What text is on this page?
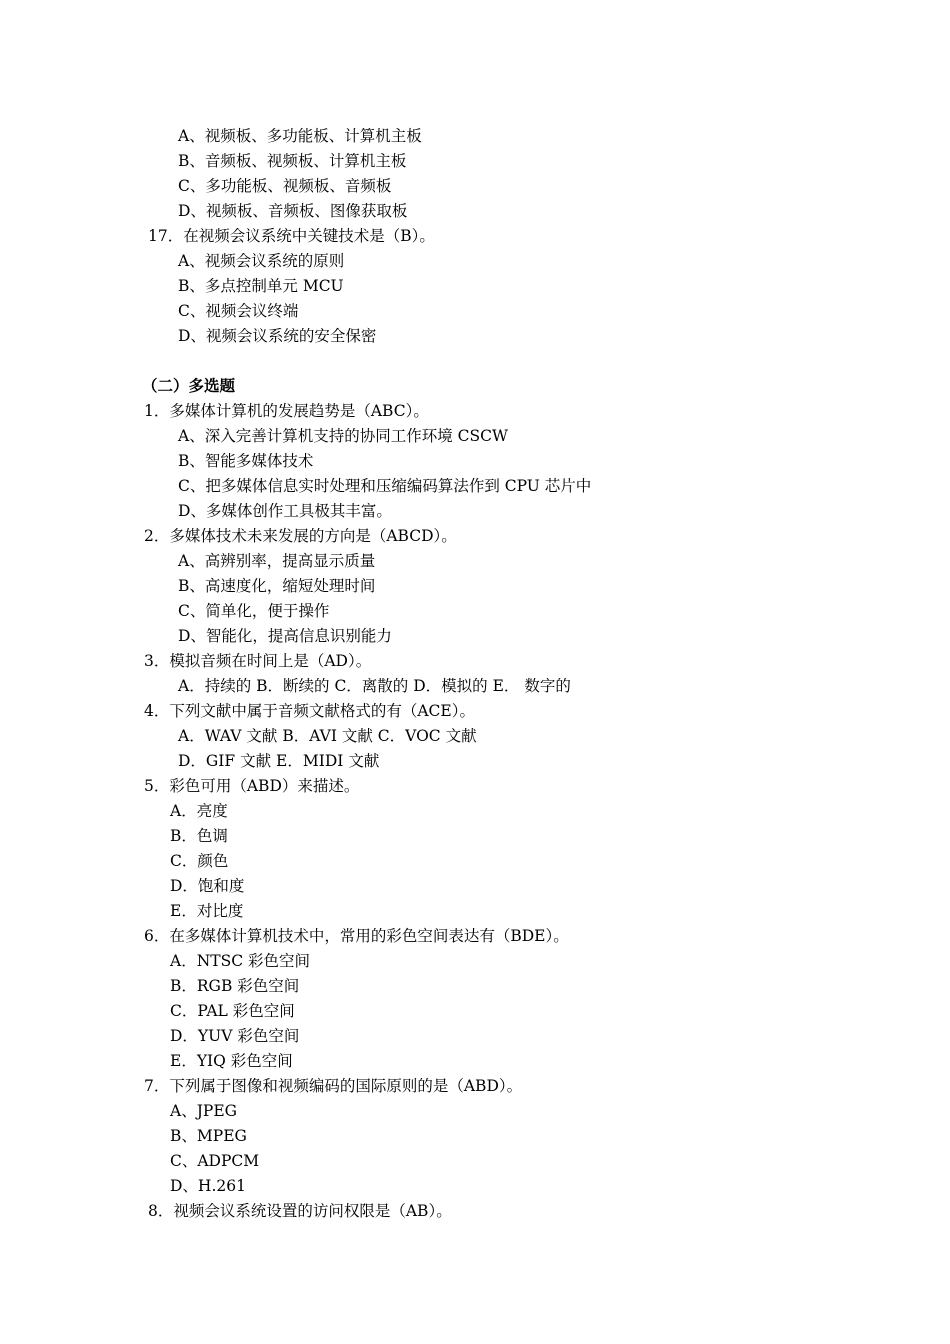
A、视频板、多功能板、计算机主板
B、音频板、视频板、计算机主板
C、多功能板、视频板、音频板
D、视频板、音频板、图像获取板
17．在视频会议系统中关键技术是（B）。
A、视频会议系统的原则
B、多点控制单元 MCU
C、视频会议终端
D、视频会议系统的安全保密
（二）多选题
1．多媒体计算机的发展趋势是（ABC）。
A、深入完善计算机支持的协同工作环境 CSCW
B、智能多媒体技术
C、把多媒体信息实时处理和压缩编码算法作到 CPU 芯片中
D、多媒体创作工具极其丰富。
2．多媒体技术未来发展的方向是（ABCD）。
A、高辨别率，提高显示质量
B、高速度化，缩短处理时间
C、简单化，便于操作
D、智能化，提高信息识别能力
3．模拟音频在时间上是（AD）。
A．持续的 B．断续的 C．离散的 D．模拟的 E． 数字的
4．下列文献中属于音频文献格式的有（ACE）。
A．WAV 文献 B．AVI 文献 C．VOC 文献
D．GIF 文献 E．MIDI 文献
5．彩色可用（ABD）来描述。
A．亮度
B．色调
C．颜色
D．饱和度
E．对比度
6．在多媒体计算机技术中，常用的彩色空间表达有（BDE）。
A．NTSC 彩色空间
B．RGB 彩色空间
C．PAL 彩色空间
D．YUV 彩色空间
E．YIQ 彩色空间
7．下列属于图像和视频编码的国际原则的是（ABD）。
A、JPEG
B、MPEG
C、ADPCM
D、H.261
8．视频会议系统设置的访问权限是（AB）。
